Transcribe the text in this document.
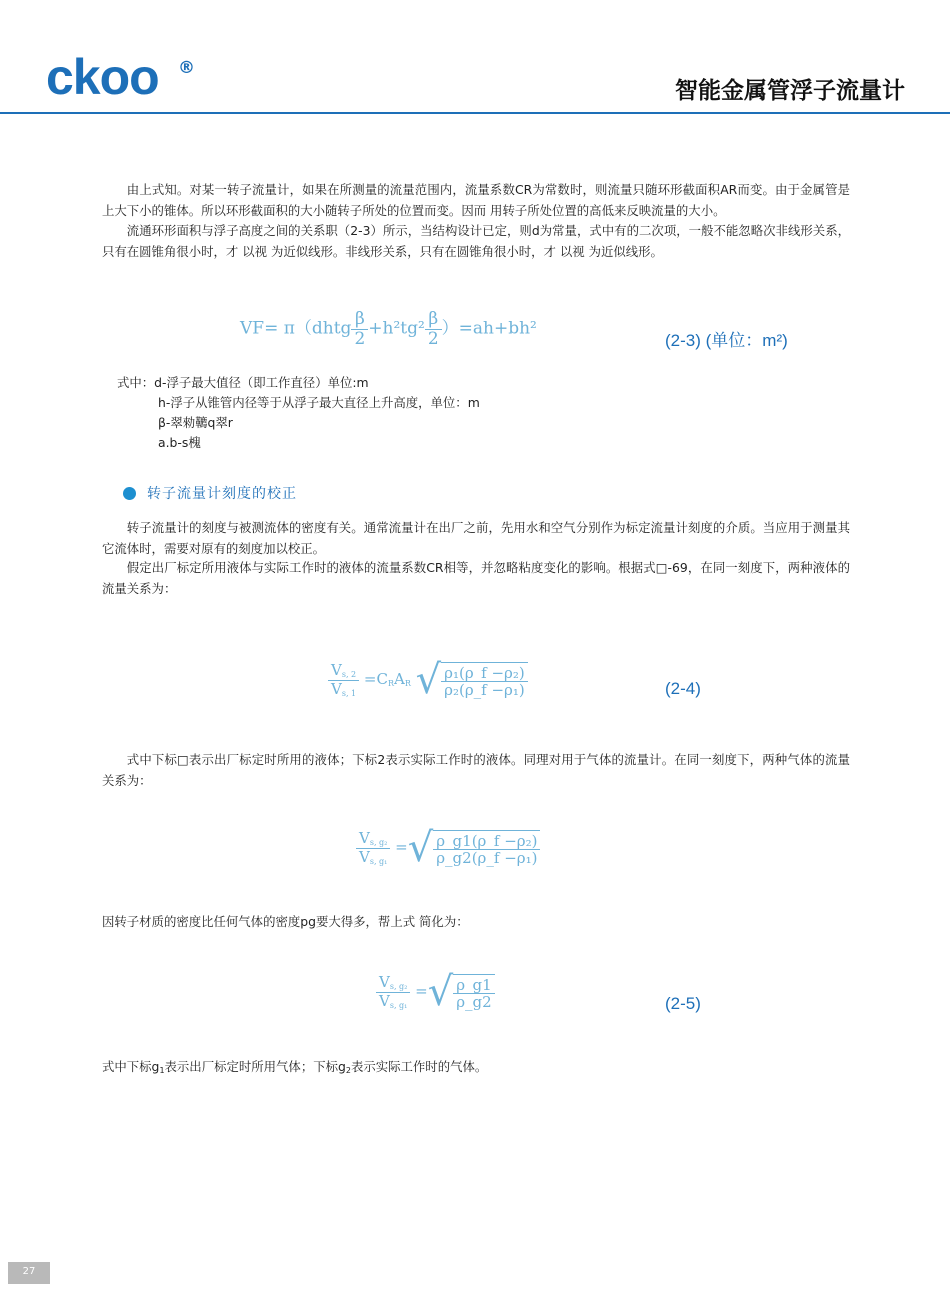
ckoo ®
智能金属管浮子流量计
由上式知。对某一转子流量计，如果在所测量的流量范围内，流量系数CR为常数时，则流量只随环形截面积AR而变。由于金属管是上大下小的锥体。所以环形截面积的大小随转子所处的位置而变。因而 用转子所处位置的高低来反映流量的大小。
流通环形面积与浮子高度之间的关系职（2-3）所示，当结构设计已定，则d为常量，式中有的二次项，一般不能忽略次非线形关系，只有在圆锥角很小时，才 以视 为近似线形。非线形关系，只有在圆锥角很小时，才 以视 为近似线形。
VF= π（dhtg $\frac{\beta}{2} +h^2tg^2 \frac{\beta}{2} )=ah+bh^2$
(2-3) (单位：m²)
式中：d-浮子最大值径（即工作直径）单位:m
h-浮子从锥管内径等于从浮子最大直径上升高度，单位：m
β-翠勑韀q翠r
a.b-s槐
转子流量计刻度的校正
转子流量计的刻度与被测流体的密度有关。通常流量计在出厂之前，先用水和空气分别作为标定流量计刻度的介质。当应用于测量其它流体时，需要对原有的刻度加以校正。
假定出厂标定所用液体与实际工作时的液体的流量系数CR相等，并忽略粘度变化的影响。根据式□-69，在同一刻度下，两种液体的流量关系为：
$\frac{V_{s, 2}}{V_{s, 1}} =C_RA_R$ √ $\frac{\text{ρ₁(ρ\_f −ρ₂)}}{\text{ρ₂(ρ\_f −ρ₁)}}$	(2-4)
式中下标□表示出厂标定时所用的液体；下标2表示实际工作时的液体。同理对用于气体的流量计。在同一刻度下，两种气体的流量关系为：
$\frac{V_{s, g_2}}{V_{s, g_1}}$ =√ $\frac{\text{ρ\_g1(ρ\_f −ρ₂)}}{\text{ρ\_g2(ρ\_f −ρ₁)}}$
因转子材质的密度比任何气体的密度pg要大得多，帮上式 简化为：
$\frac{V_{s, g_2}}{V_{s, g_1}}$ =√ $\frac{\rho\_g1}{\rho\_g2}$	(2-5)
式中下标$g_1$表示出厂标定时所用气体；下标$g_2$表示实际工作时的气体。
27
